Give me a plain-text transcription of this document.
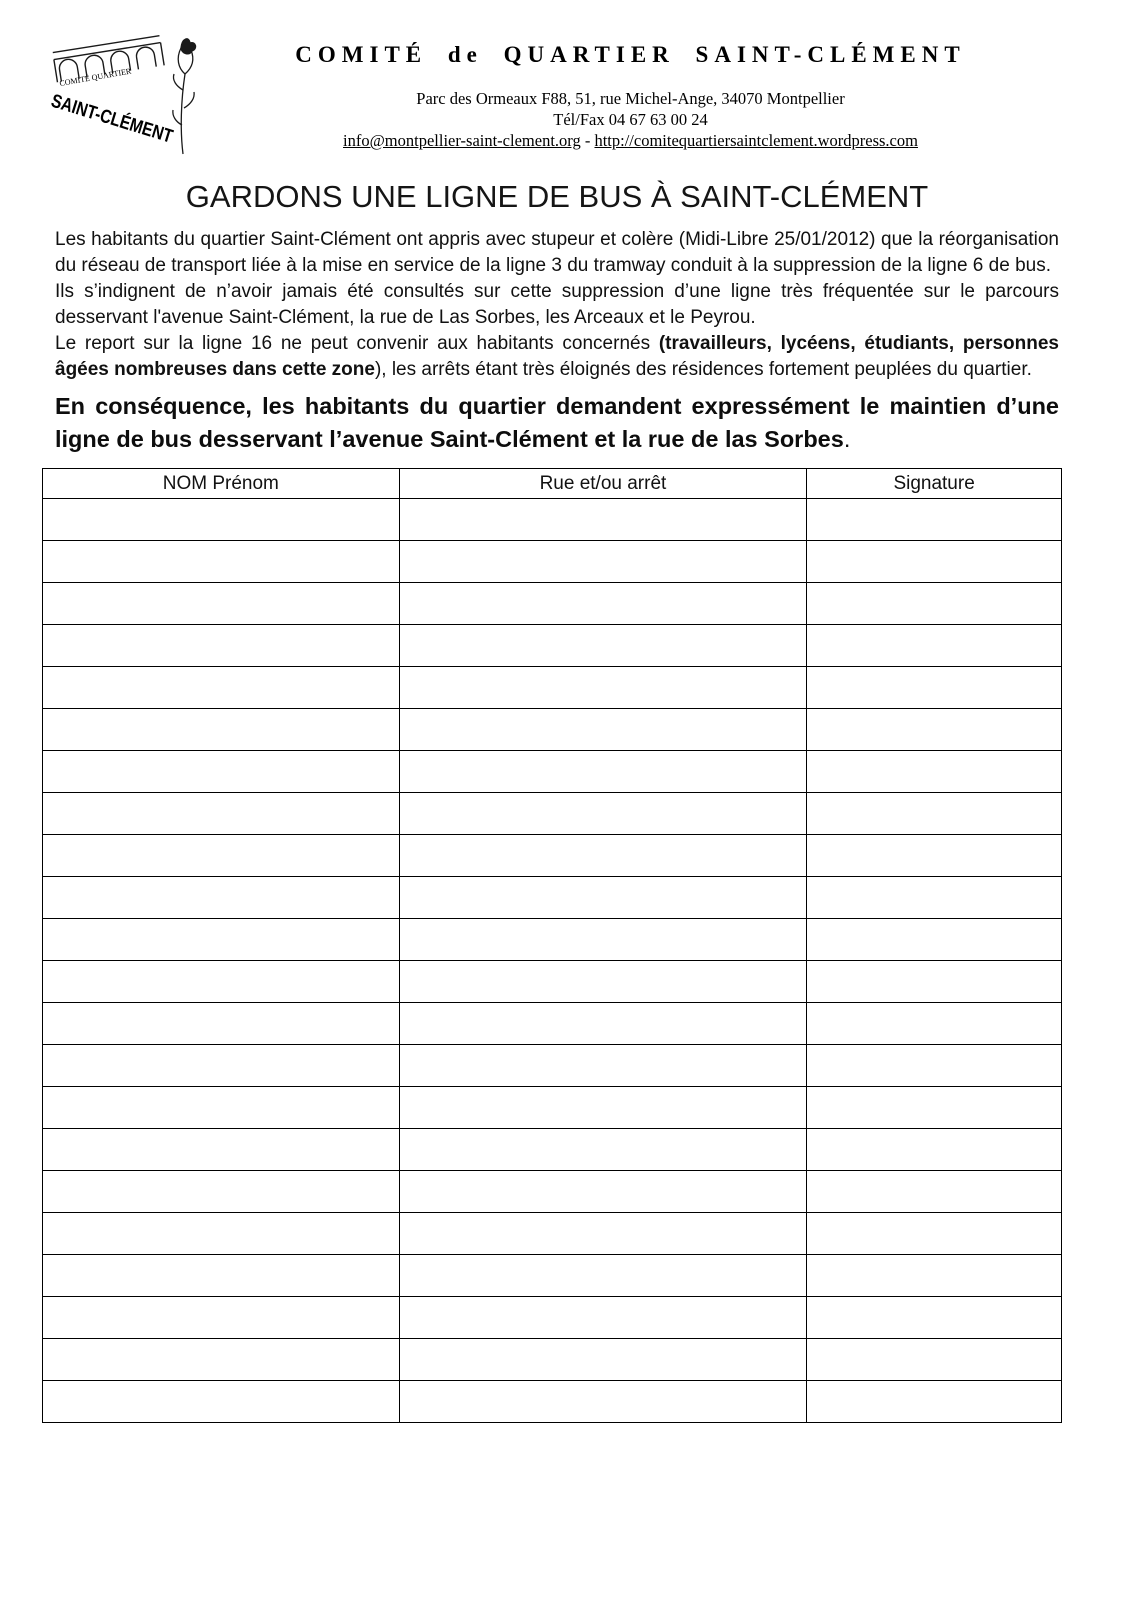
COMITÉ QUARTIER
SAINT-CLÉMENT
COMITÉ de QUARTIER SAINT-CLÉMENT
Parc des Ormeaux F88, 51, rue Michel-Ange, 34070 Montpellier
Tél/Fax 04 67 63 00 24
info@montpellier-saint-clement.org - http://comitequartiersaintclement.wordpress.com
GARDONS UNE LIGNE DE BUS À SAINT-CLÉMENT

Les habitants du quartier Saint-Clément ont appris avec stupeur et colère (Midi-Libre 25/01/2012) que la réorganisation du réseau de transport liée à la mise en service de la ligne 3 du tramway conduit à la suppression de la ligne 6 de bus.

Ils s’indignent de n’avoir jamais été consultés sur cette suppression d’une ligne très fréquentée sur le parcours desservant l'avenue Saint-Clément, la rue de Las Sorbes, les Arceaux et le Peyrou.

Le report sur la ligne 16 ne peut convenir aux habitants concernés (travailleurs, lycéens, étudiants, personnes âgées nombreuses dans cette zone), les arrêts étant très éloignés des résidences fortement peuplées du quartier.

En conséquence, les habitants du quartier demandent expressément le maintien d’une ligne de bus desservant l’avenue Saint-Clément et la rue de las Sorbes.

NOM Prénom	Rue et/ou arrêt	Signature
